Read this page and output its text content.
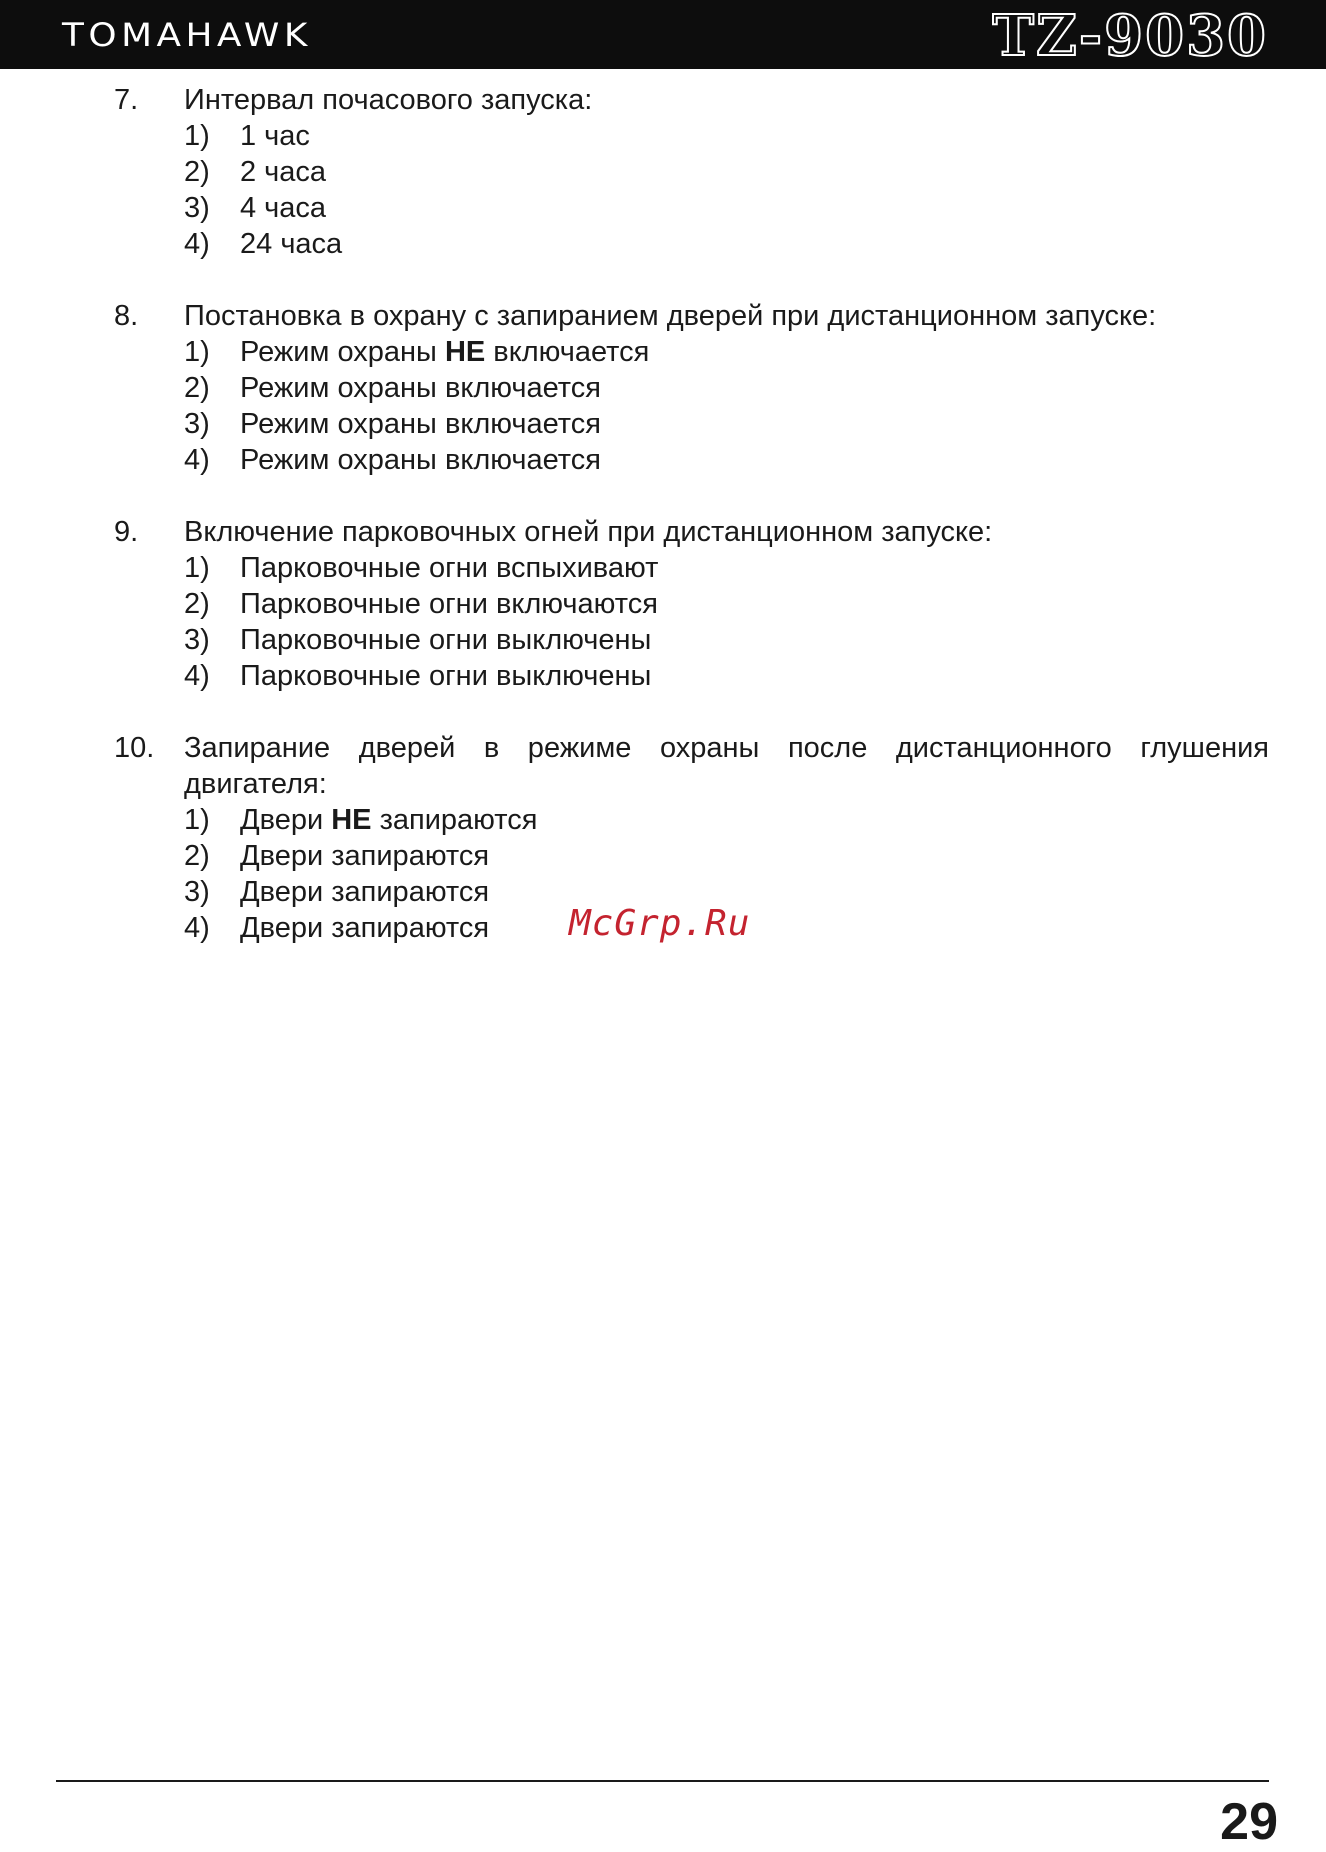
TOMAHAWK	TZ-9030
7. Интервал почасового запуска:
1) 1 час
2) 2 часа
3) 4 часа
4) 24 часа
8. Постановка в охрану с запиранием дверей при дистанционном запуске:
1) Режим охраны НЕ включается
2) Режим охраны включается
3) Режим охраны включается
4) Режим охраны включается
9. Включение парковочных огней при дистанционном запуске:
1) Парковочные огни вспыхивают
2) Парковочные огни включаются
3) Парковочные огни выключены
4) Парковочные огни выключены
10. Запирание дверей в режиме охраны после дистанционного глушения двигателя:
1) Двери НЕ запираются
2) Двери запираются
3) Двери запираются
4) Двери запираются	McGrp.Ru
29
